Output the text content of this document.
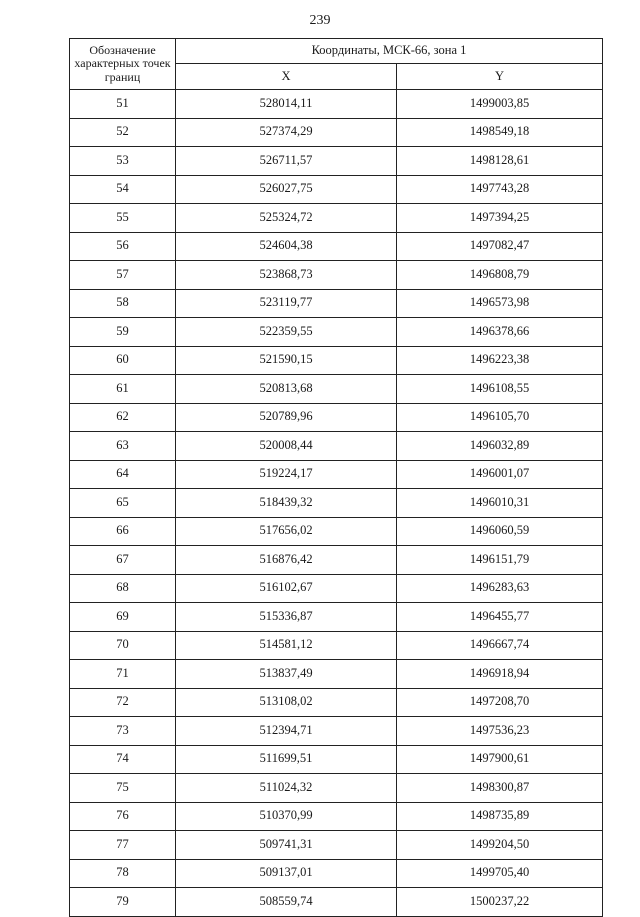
239
Обозначение характерных точек границ	Координаты, МСК-66, зона 1	
	X	Y
51	528014,11	1499003,85
52	527374,29	1498549,18
53	526711,57	1498128,61
54	526027,75	1497743,28
55	525324,72	1497394,25
56	524604,38	1497082,47
57	523868,73	1496808,79
58	523119,77	1496573,98
59	522359,55	1496378,66
60	521590,15	1496223,38
61	520813,68	1496108,55
62	520789,96	1496105,70
63	520008,44	1496032,89
64	519224,17	1496001,07
65	518439,32	1496010,31
66	517656,02	1496060,59
67	516876,42	1496151,79
68	516102,67	1496283,63
69	515336,87	1496455,77
70	514581,12	1496667,74
71	513837,49	1496918,94
72	513108,02	1497208,70
73	512394,71	1497536,23
74	511699,51	1497900,61
75	511024,32	1498300,87
76	510370,99	1498735,89
77	509741,31	1499204,50
78	509137,01	1499705,40
79	508559,74	1500237,22
